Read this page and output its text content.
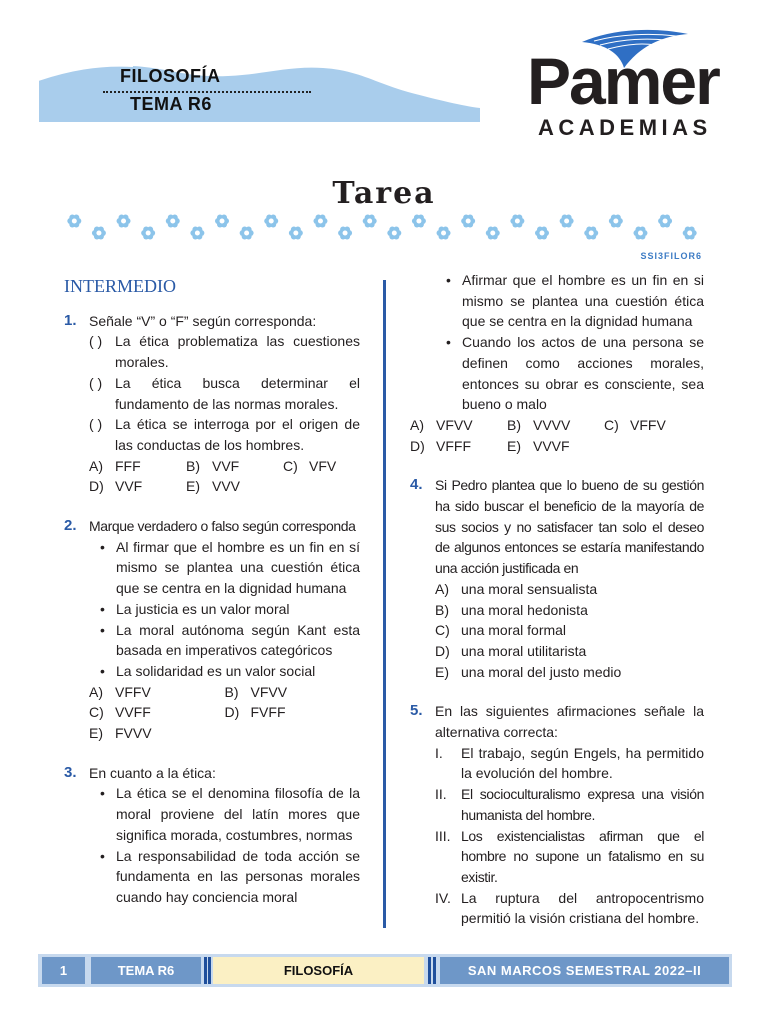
FILOSOFÍA
TEMA R6	Pamer
ACADEMIAS
Tarea
SSI3FILOR6
INTERMEDIO
1. Señale “V” o “F” según corresponda:
( ) La ética problematiza las cuestiones morales.
( ) La ética busca determinar el fundamento de las normas morales.
( ) La ética se interroga por el origen de las conductas de los hombres.
A) FFF	B) VVF	C) VFV
D) VVF	E) VVV
2. Marque verdadero o falso según corresponda
• Al firmar que el hombre es un fin en sí mismo se plantea una cuestión ética que se centra en la dignidad humana
• La justicia es un valor moral
• La moral autónoma según Kant esta basada en imperativos categóricos
• La solidaridad es un valor social
A) VFFV	B) VFVV
C) VVFF	D) FVFF
E) FVVV
3. En cuanto a la ética:
• La ética se el denomina filosofía de la moral proviene del latín mores que significa morada, costumbres, normas
• La responsabilidad de toda acción se fundamenta en las personas morales cuando hay conciencia moral
• Afirmar que el hombre es un fin en si mismo se plantea una cuestión ética que se centra en la dignidad humana
• Cuando los actos de una persona se definen como acciones morales, entonces su obrar es consciente, sea bueno o malo
A) VFVV B) VVVV C) VFFV
D) VFFF	E) VVVF
4. Si Pedro plantea que lo bueno de su gestión ha sido buscar el beneficio de la mayoría de sus socios y no satisfacer tan solo el deseo de algunos entonces se estaría manifestando una acción justificada en
A) una moral sensualista
B) una moral hedonista
C) una moral formal
D) una moral utilitarista
E) una moral del justo medio
5. En las siguientes afirmaciones señale la alternativa correcta:
I.	El trabajo, según Engels, ha permitido la evolución del hombre.
II.	El socioculturalismo expresa una visión humanista del hombre.
III. Los existencialistas afirman que el hombre no supone un fatalismo en su existir.
IV. La ruptura del antropocentrismo permitió la visión cristiana del hombre.
1	TEMA R6	FILOSOFÍA	SAN MARCOS SEMESTRAL 2022–II
